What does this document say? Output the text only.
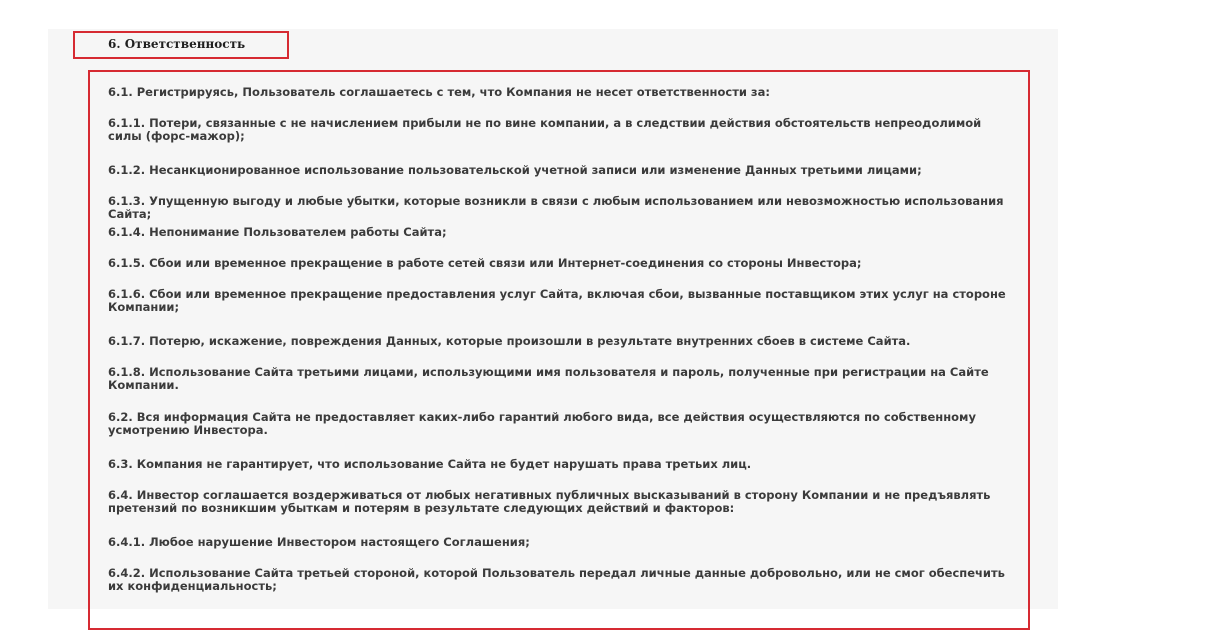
6. Ответственность

6.1. Регистрируясь, Пользователь соглашаетесь с тем, что Компания не несет ответственности за:

6.1.1. Потери, связанные с не начислением прибыли не по вине компании, а в следствии действия обстоятельств непреодолимой силы (форс-мажор);

6.1.2. Несанкционированное использование пользовательской учетной записи или изменение Данных третьими лицами;

6.1.3. Упущенную выгоду и любые убытки, которые возникли в связи с любым использованием или невозможностью использования Сайта;

6.1.4. Непонимание Пользователем работы Сайта;

6.1.5. Сбои или временное прекращение в работе сетей связи или Интернет-соединения со стороны Инвестора;

6.1.6. Сбои или временное прекращение предоставления услуг Сайта, включая сбои, вызванные поставщиком этих услуг на стороне Компании;

6.1.7. Потерю, искажение, повреждения Данных, которые произошли в результате внутренних сбоев в системе Сайта.

6.1.8. Использование Сайта третьими лицами, использующими имя пользователя и пароль, полученные при регистрации на Сайте Компании.

6.2. Вся информация Сайта не предоставляет каких-либо гарантий любого вида, все действия осуществляются по собственному усмотрению Инвестора.

6.3. Компания не гарантирует, что использование Сайта не будет нарушать права третьих лиц.

6.4. Инвестор соглашается воздерживаться от любых негативных публичных высказываний в сторону Компании и не предъявлять претензий по возникшим убыткам и потерям в результате следующих действий и факторов:

6.4.1. Любое нарушение Инвестором настоящего Соглашения;

6.4.2. Использование Сайта третьей стороной, которой Пользователь передал личные данные добровольно, или не смог обеспечить их конфиденциальность;
